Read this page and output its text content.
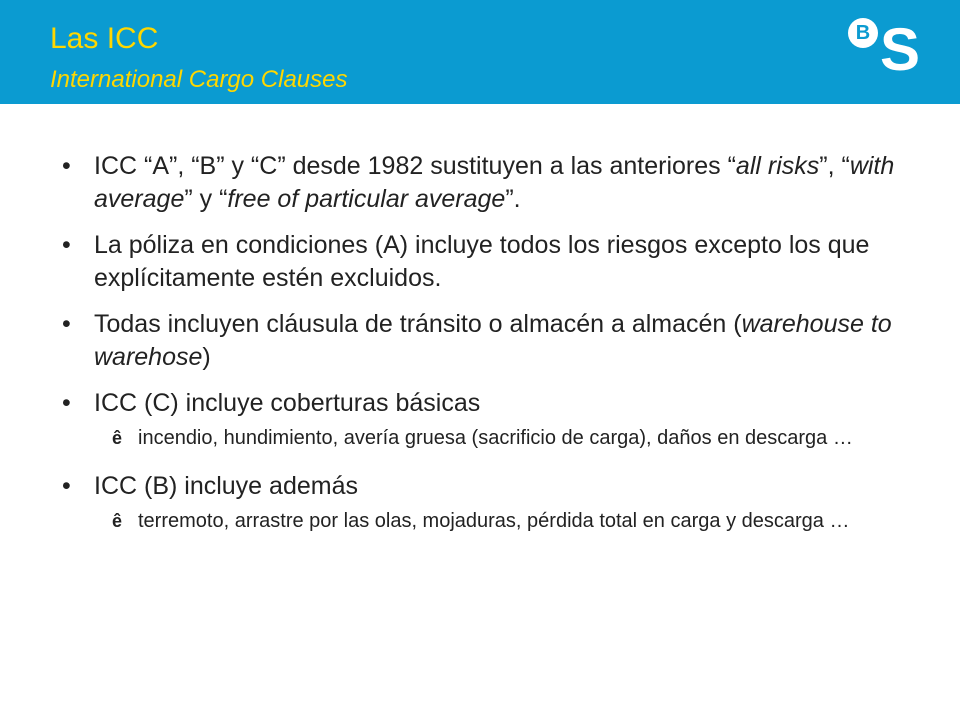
Las ICC
International Cargo Clauses
B S
• ICC “A”, “B” y “C” desde 1982 sustituyen a las anteriores “all risks”, “with average” y “free of particular average”.
• La póliza en condiciones (A) incluye todos los riesgos excepto los que explícitamente estén excluidos.
• Todas incluyen cláusula de tránsito o almacén a almacén (warehouse to warehose)
• ICC (C) incluye coberturas básicas
ê incendio, hundimiento, avería gruesa (sacrificio de carga), daños en descarga …
• ICC (B) incluye además
ê terremoto, arrastre por las olas, mojaduras, pérdida total en carga y descarga …
